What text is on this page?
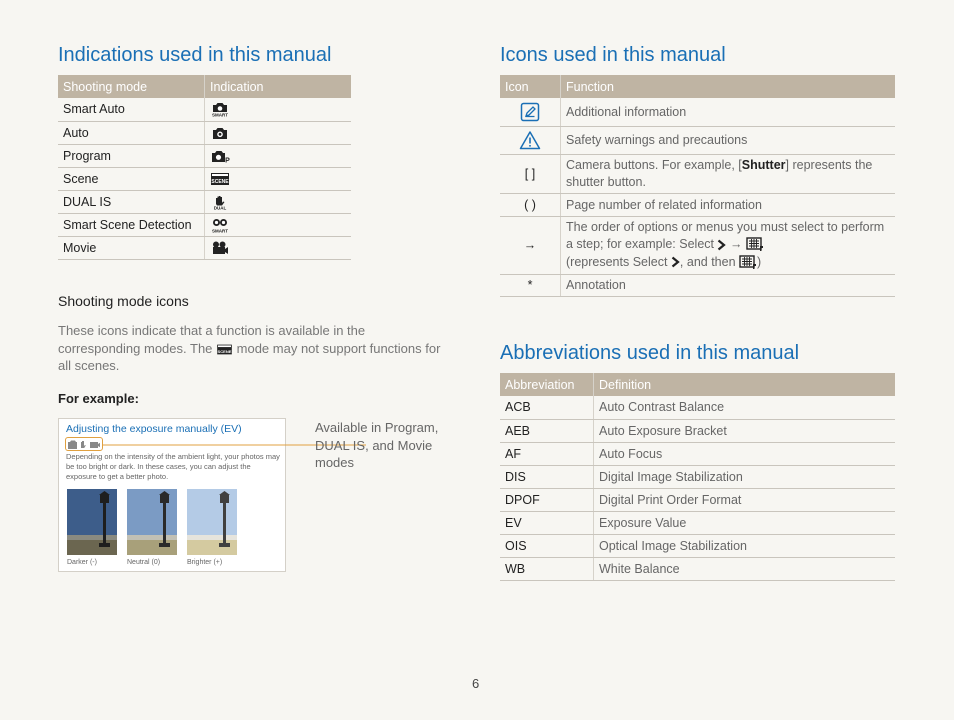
Indications used in this manual
Shooting mode	Indication
Smart Auto	SMART

Auto	
Program	P

Scene	SCENE

DUAL IS	DUAL

Smart Scene Detection	SMART

Movie	
Shooting mode icons
These icons indicate that a function is available in the corresponding modes. The SCENE mode may not support functions for all scenes.
For example:
Adjusting the exposure manually (EV)
Depending on the intensity of the ambient light, your photos may be too bright or dark. In these cases, you can adjust the exposure to get a better photo.
Darker (-)	Neutral (0)	Brighter (+)
Available in Program, DUAL IS, and Movie modes
Icons used in this manual
Icon	Function
	Additional information
	Safety warnings and precautions
[ ]	Camera buttons. For example, [Shutter] represents the shutter button.
( )	Page number of related information
→	The order of options or menus you must select to perform a step; for example: Select  →
(represents Select , and then )
*	Annotation
Abbreviations used in this manual
Abbreviation	Definition
ACB	Auto Contrast Balance
AEB	Auto Exposure Bracket
AF	Auto Focus
DIS	Digital Image Stabilization
DPOF	Digital Print Order Format
EV	Exposure Value
OIS	Optical Image Stabilization
WB	White Balance
6
